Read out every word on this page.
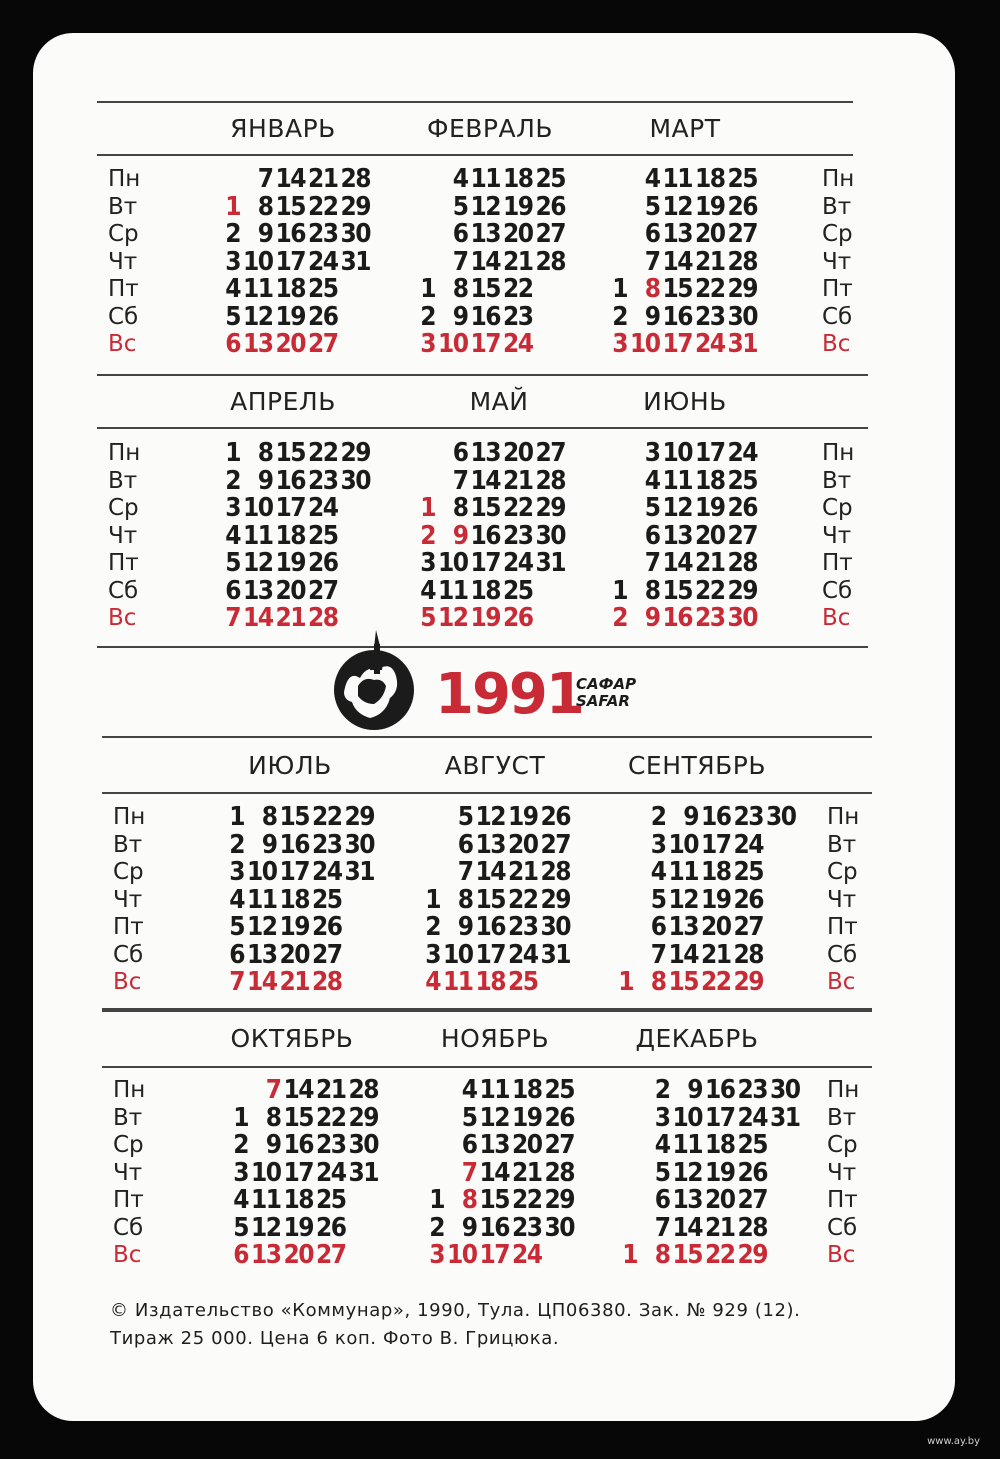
Пн
Вт
Ср
Чт
Пт
Сб
Вс
Пн
Вт
Ср
Чт
Пт
Сб
Вс
ЯНВАРЬ
1
2
3
4
5
6
7
8
9
10
11
12
13
14
15
16
17
18
19
20
21
22
23
24
25
26
27
28
29
30
31
ФЕВРАЛЬ
1
2
3
4
5
6
7
8
9
10
11
12
13
14
15
16
17
18
19
20
21
22
23
24
25
26
27
28
МАРТ
1
2
3
4
5
6
7
8
9
10
11
12
13
14
15
16
17
18
19
20
21
22
23
24
25
26
27
28
29
30
31
Пн
Вт
Ср
Чт
Пт
Сб
Вс
Пн
Вт
Ср
Чт
Пт
Сб
Вс
АПРЕЛЬ
1
2
3
4
5
6
7
8
9
10
11
12
13
14
15
16
17
18
19
20
21
22
23
24
25
26
27
28
29
30
МАЙ
1
2
3
4
5
6
7
8
9
10
11
12
13
14
15
16
17
18
19
20
21
22
23
24
25
26
27
28
29
30
31
ИЮНЬ
1
2
3
4
5
6
7
8
9
10
11
12
13
14
15
16
17
18
19
20
21
22
23
24
25
26
27
28
29
30
Пн
Вт
Ср
Чт
Пт
Сб
Вс
Пн
Вт
Ср
Чт
Пт
Сб
Вс
ИЮЛЬ
1
2
3
4
5
6
7
8
9
10
11
12
13
14
15
16
17
18
19
20
21
22
23
24
25
26
27
28
29
30
31
АВГУСТ
1
2
3
4
5
6
7
8
9
10
11
12
13
14
15
16
17
18
19
20
21
22
23
24
25
26
27
28
29
30
31
СЕНТЯБРЬ
1
2
3
4
5
6
7
8
9
10
11
12
13
14
15
16
17
18
19
20
21
22
23
24
25
26
27
28
29
30
Пн
Вт
Ср
Чт
Пт
Сб
Вс
Пн
Вт
Ср
Чт
Пт
Сб
Вс
ОКТЯБРЬ
1
2
3
4
5
6
7
8
9
10
11
12
13
14
15
16
17
18
19
20
21
22
23
24
25
26
27
28
29
30
31
НОЯБРЬ
1
2
3
4
5
6
7
8
9
10
11
12
13
14
15
16
17
18
19
20
21
22
23
24
25
26
27
28
29
30
ДЕКАБРЬ
1
2
3
4
5
6
7
8
9
10
11
12
13
14
15
16
17
18
19
20
21
22
23
24
25
26
27
28
29
30
31
1991
САФАР
SAFAR
© Издательство «Коммунар», 1990, Тула. ЦП06380. Зак. № 929 (12).
Тираж 25 000. Цена 6 коп. Фото В. Грицюка.
www.ay.by
